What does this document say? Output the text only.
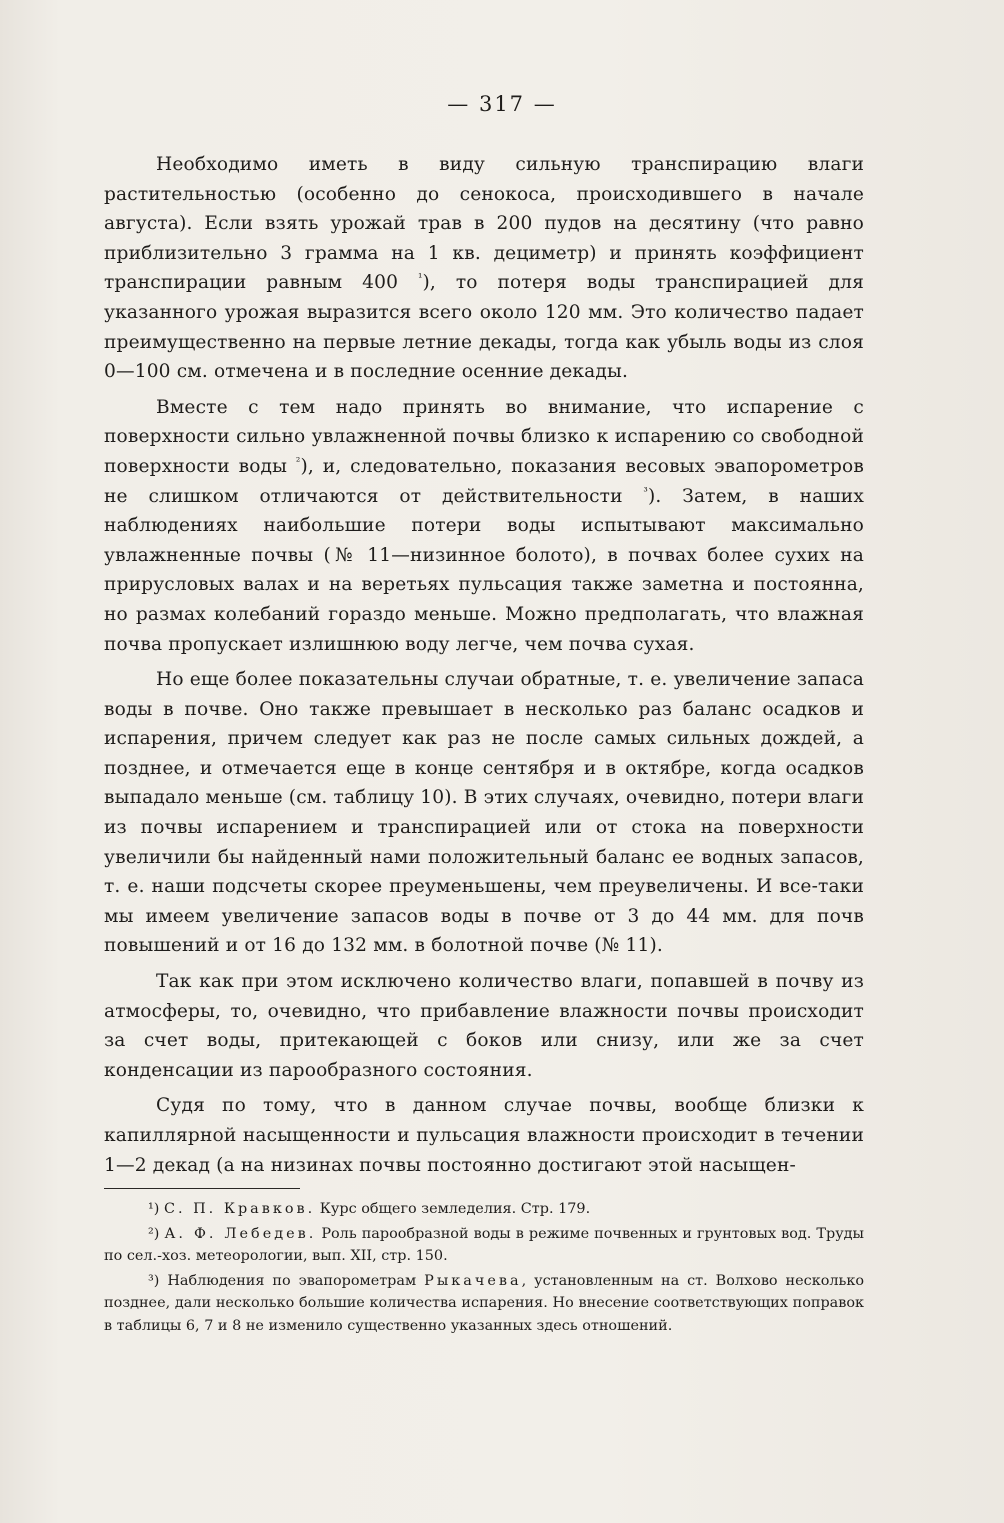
— 317 —

Необходимо иметь в виду сильную транспирацию влаги растительностью (особенно до сенокоса, происходившего в начале августа). Если взять урожай трав в 200 пудов на десятину (что равно приблизительно 3 грамма на 1 кв. дециметр) и принять коэффициент транспирации равным 400 $^{^1}$), то потеря воды транспирацией для указанного урожая выразится всего около 120 мм. Это количество падает преимущественно на первые летние декады, тогда как убыль воды из слоя 0—100 см. отмечена и в последние осенние декады.

Вместе с тем надо принять во внимание, что испарение с поверхности сильно увлажненной почвы близко к испарению со свободной поверхности воды $^{^2}$), и, следовательно, показания весовых эвапорометров не слишком отличаются от действительности $^{^3}$). Затем, в наших наблюдениях наибольшие потери воды испытывают максимально увлажненные почвы (№ 11—низинное болото), в почвах более сухих на прирусловых валах и на веретьях пульсация также заметна и постоянна, но размах колебаний гораздо меньше. Можно предполагать, что влажная почва пропускает излишнюю воду легче, чем почва сухая.

Но еще более показательны случаи обратные, т. е. увеличение запаса воды в почве. Оно также превышает в несколько раз баланс осадков и испарения, причем следует как раз не после самых сильных дождей, а позднее, и отмечается еще в конце сентября и в октябре, когда осадков выпадало меньше (см. таблицу 10). В этих случаях, очевидно, потери влаги из почвы испарением и транспирацией или от стока на поверхности увеличили бы найденный нами положительный баланс ее водных запасов, т. е. наши подсчеты скорее преуменьшены, чем преувеличены. И все-таки мы имеем увеличение запасов воды в почве от 3 до 44 мм. для почв повышений и от 16 до 132 мм. в болотной почве (№ 11).

Так как при этом исключено количество влаги, попавшей в почву из атмосферы, то, очевидно, что прибавление влажности почвы происходит за счет воды, притекающей с боков или снизу, или же за счет конденсации из парообразного состояния.

Судя по тому, что в данном случае почвы, вообще близки к капиллярной насыщенности и пульсация влажности происходит в течении 1—2 декад (а на низинах почвы постоянно достигают этой насыщен-

¹) С. П. Кравков. Курс общего земледелия. Стр. 179.

²) А. Ф. Лебедев. Роль парообразной воды в режиме почвенных и грунтовых вод. Труды по сел.-хоз. метеорологии, вып. XII, стр. 150.

³) Наблюдения по эвапорометрам Рыкачева, установленным на ст. Волхово несколько позднее, дали несколько большие количества испарения. Но внесение соответствующих поправок в таблицы 6, 7 и 8 не изменило существенно указанных здесь отношений.
